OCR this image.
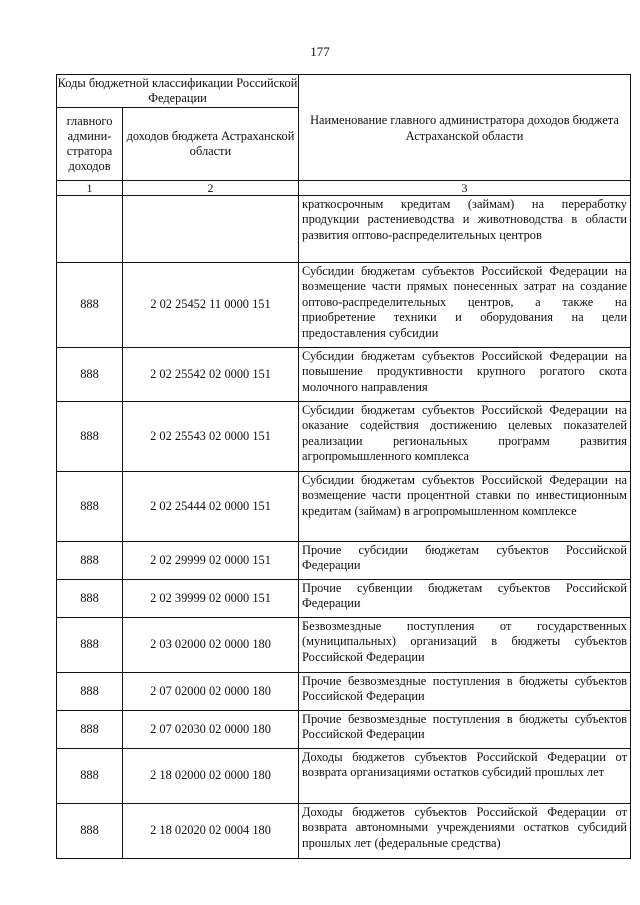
177
Коды бюджетной классификации Российской Федерации		Наименование главного администратора доходов бюджета Астраханской области
главного админи-стратора доходов	доходов бюджета Астраханской области	
1	2	3
		краткосрочным кредитам (займам) на переработку продукции растениеводства и животноводства в области развития оптово-распределительных центров
888	2 02 25452 11 0000 151	Субсидии бюджетам субъектов Российской Федерации на возмещение части прямых понесенных затрат на создание оптово-распределительных центров, а также на приобретение техники и оборудования на цели предоставления субсидии
888	2 02 25542 02 0000 151	Субсидии бюджетам субъектов Российской Федерации на повышение продуктивности крупного рогатого скота молочного направления
888	2 02 25543 02 0000 151	Субсидии бюджетам субъектов Российской Федерации на оказание содействия достижению целевых показателей реализации региональных программ развития агропромышленного комплекса
888	2 02 25444 02 0000 151	Субсидии бюджетам субъектов Российской Федерации на возмещение части процентной ставки по инвестиционным кредитам (займам) в агропромышленном комплексе
888	2 02 29999 02 0000 151	Прочие субсидии бюджетам субъектов Российской Федерации
888	2 02 39999 02 0000 151	Прочие субвенции бюджетам субъектов Российской Федерации
888	2 03 02000 02 0000 180	Безвозмездные поступления от государственных (муниципальных) организаций в бюджеты субъектов Российской Федерации
888	2 07 02000 02 0000 180	Прочие безвозмездные поступления в бюджеты субъектов Российской Федерации
888	2 07 02030 02 0000 180	Прочие безвозмездные поступления в бюджеты субъектов Российской Федерации
888	2 18 02000 02 0000 180	Доходы бюджетов субъектов Российской Федерации от возврата организациями остатков субсидий прошлых лет
888	2 18 02020 02 0004 180	Доходы бюджетов субъектов Российской Федерации от возврата автономными учреждениями остатков субсидий прошлых лет (федеральные средства)
